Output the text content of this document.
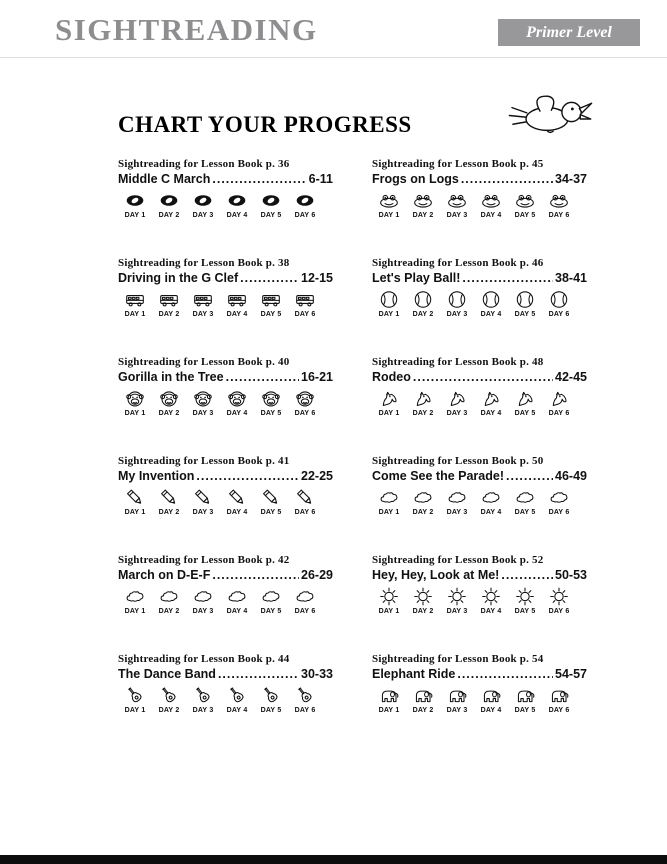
SIGHTREADING	Primer Level
CHART YOUR PROGRESS
Sightreading for Lesson Book p. 36
Middle C March .....	6-11
DAY 1 DAY 2 DAY 3 DAY 4 DAY 5 DAY 6
Sightreading for Lesson Book p. 38
Driving in the G Clef .....	12-15
DAY 1 DAY 2 DAY 3 DAY 4 DAY 5 DAY 6
Sightreading for Lesson Book p. 40
Gorilla in the Tree .....	16-21
DAY 1 DAY 2 DAY 3 DAY 4 DAY 5 DAY 6
Sightreading for Lesson Book p. 41
My Invention .....	22-25
DAY 1 DAY 2 DAY 3 DAY 4 DAY 5 DAY 6
Sightreading for Lesson Book p. 42
March on D-E-F .....	26-29
DAY 1 DAY 2 DAY 3 DAY 4 DAY 5 DAY 6
Sightreading for Lesson Book p. 44
The Dance Band .....	30-33
DAY 1 DAY 2 DAY 3 DAY 4 DAY 5 DAY 6
Sightreading for Lesson Book p. 45
Frogs on Logs .....	34-37
DAY 1 DAY 2 DAY 3 DAY 4 DAY 5 DAY 6
Sightreading for Lesson Book p. 46
Let's Play Ball! .....	38-41
DAY 1 DAY 2 DAY 3 DAY 4 DAY 5 DAY 6
Sightreading for Lesson Book p. 48
Rodeo .....	42-45
DAY 1 DAY 2 DAY 3 DAY 4 DAY 5 DAY 6
Sightreading for Lesson Book p. 50
Come See the Parade! .....	46-49
DAY 1 DAY 2 DAY 3 DAY 4 DAY 5 DAY 6
Sightreading for Lesson Book p. 52
Hey, Hey, Look at Me! .....	50-53
DAY 1 DAY 2 DAY 3 DAY 4 DAY 5 DAY 6
Sightreading for Lesson Book p. 54
Elephant Ride .....	54-57
DAY 1 DAY 2 DAY 3 DAY 4 DAY 5 DAY 6
